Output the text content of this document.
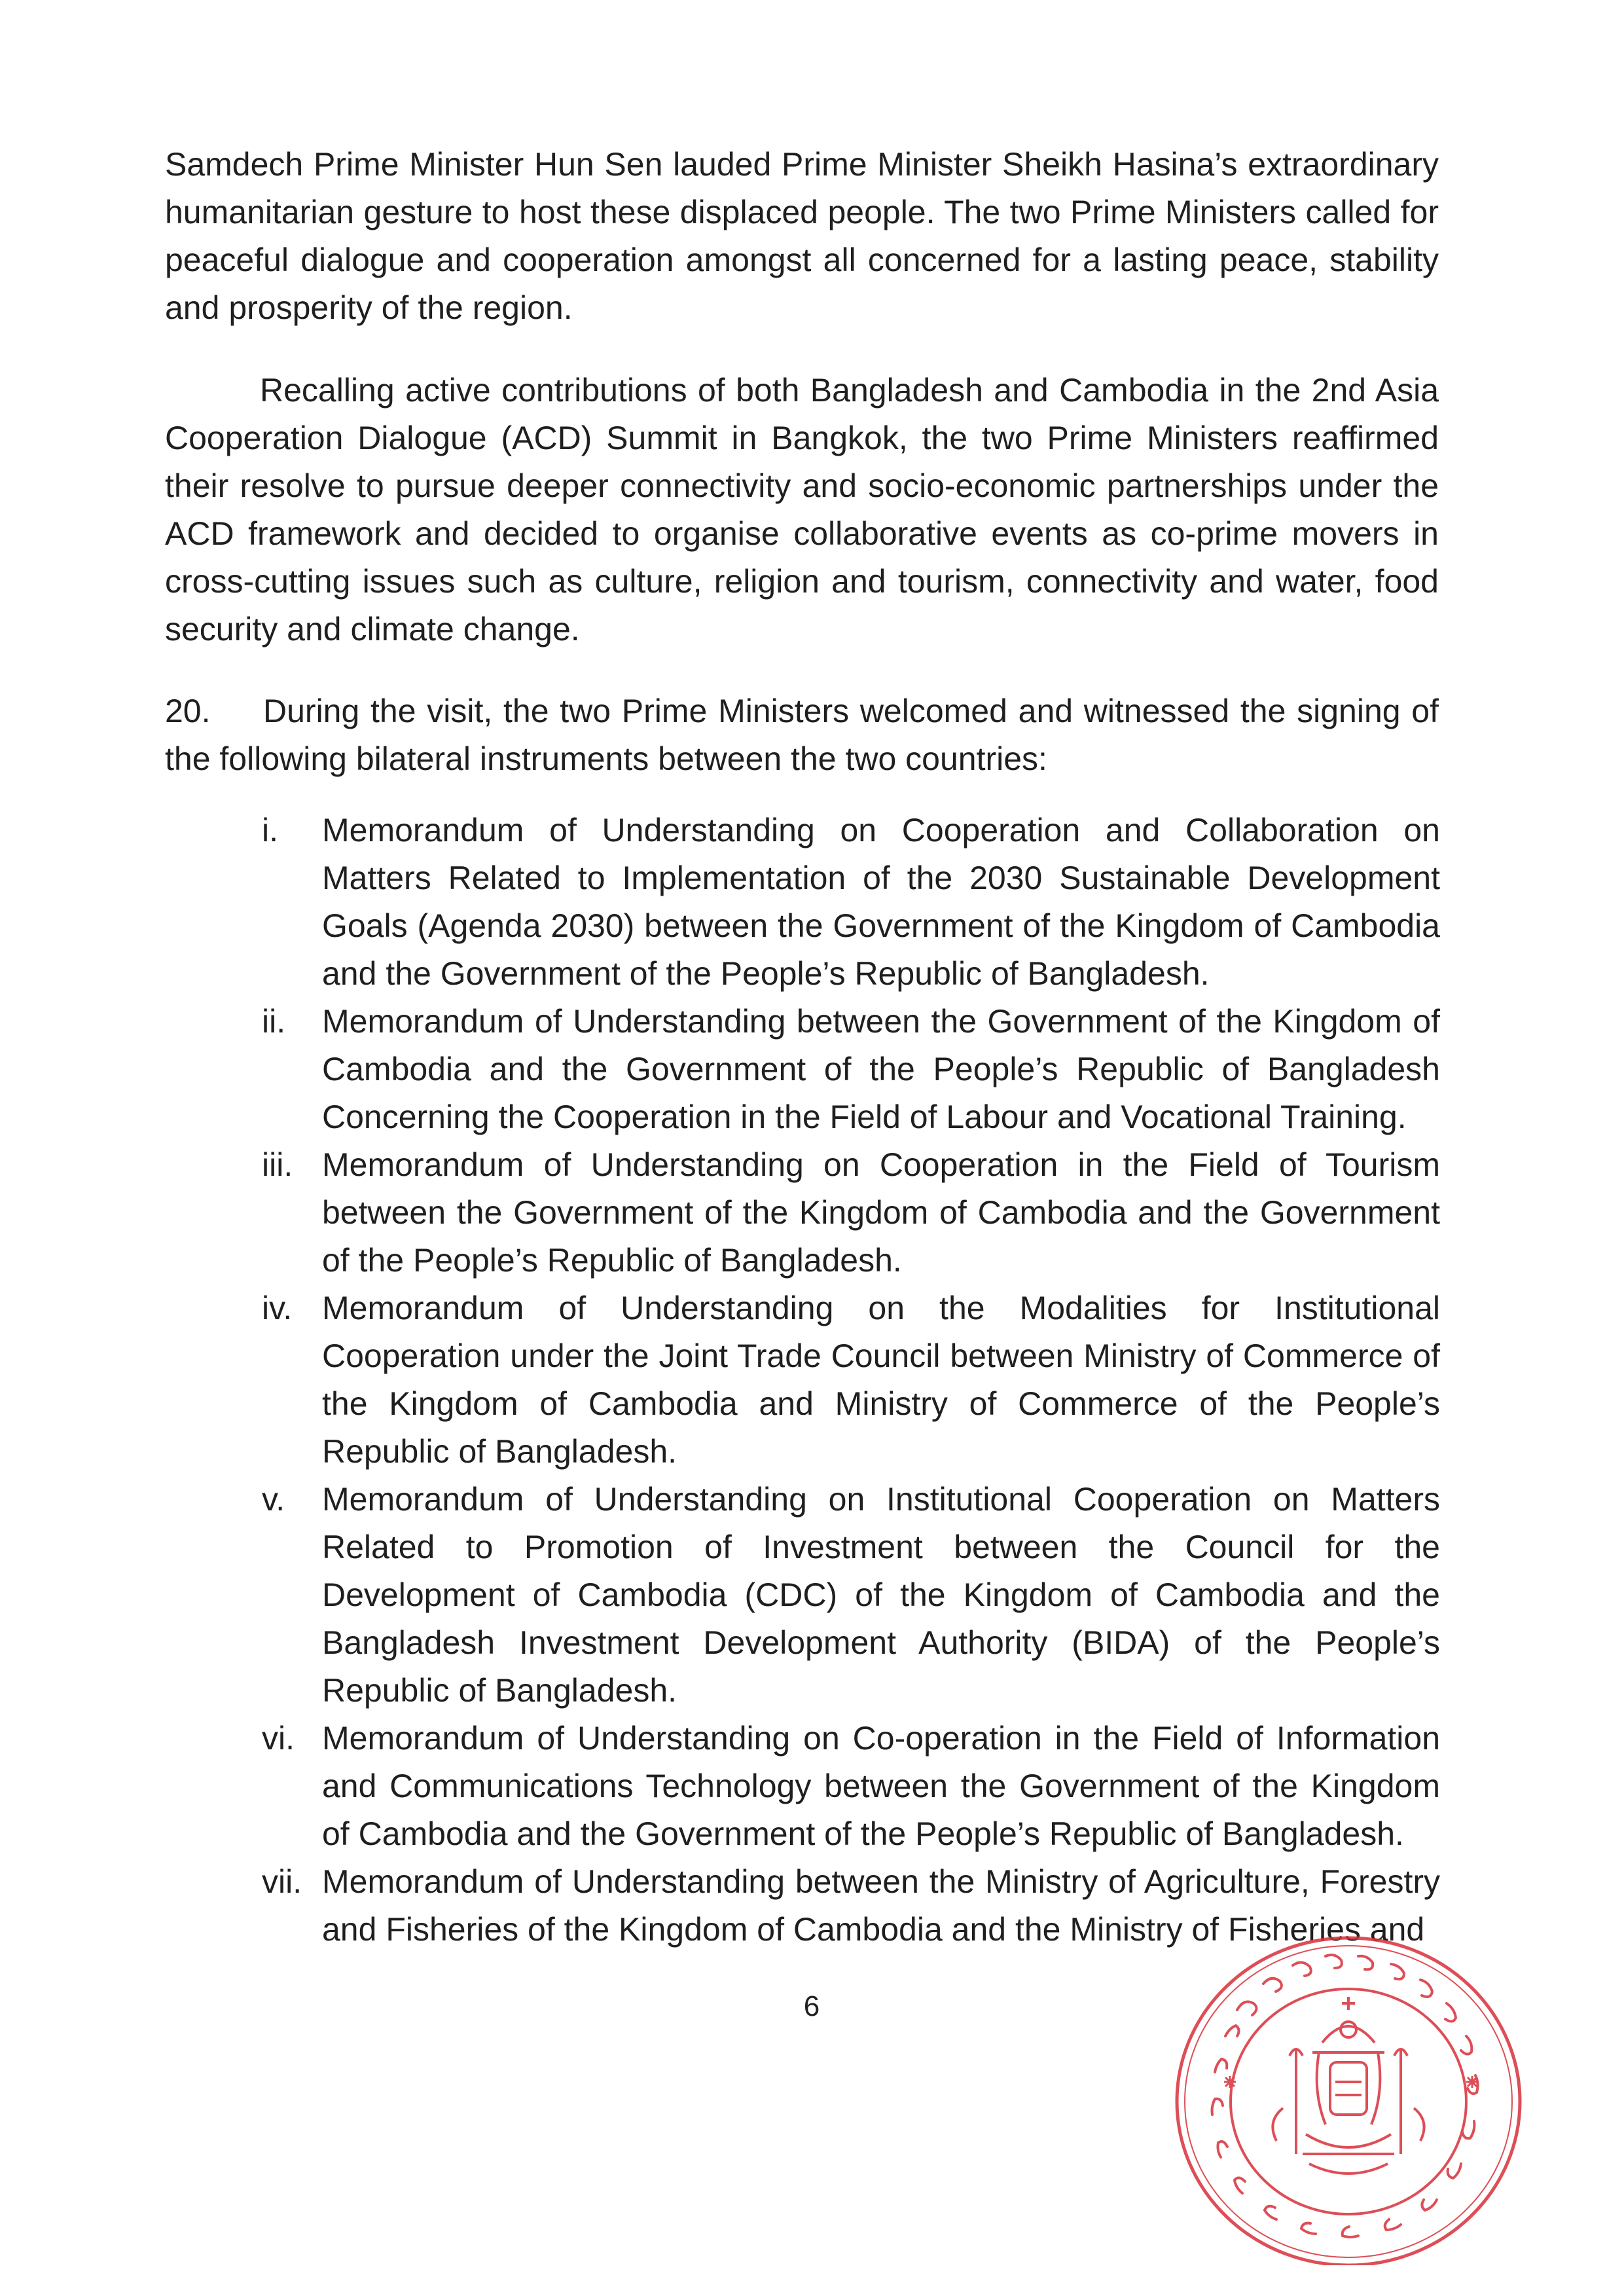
Samdech Prime Minister Hun Sen lauded Prime Minister Sheikh Hasina’s extraordinary humanitarian gesture to host these displaced people. The two Prime Ministers called for peaceful dialogue and cooperation amongst all concerned for a lasting peace, stability and prosperity of the region.

Recalling active contributions of both Bangladesh and Cambodia in the 2nd Asia Cooperation Dialogue (ACD) Summit in Bangkok, the two Prime Ministers reaffirmed their resolve to pursue deeper connectivity and socio-economic partnerships under the ACD framework and decided to organise collaborative events as co-prime movers in cross-cutting issues such as culture, religion and tourism, connectivity and water, food security and climate change.

20. During the visit, the two Prime Ministers welcomed and witnessed the signing of the following bilateral instruments between the two countries:

i.	Memorandum of Understanding on Cooperation and Collaboration on Matters Related to Implementation of the 2030 Sustainable Development Goals (Agenda 2030) between the Government of the Kingdom of Cambodia and the Government of the People’s Republic of Bangladesh.
ii.	Memorandum of Understanding between the Government of the Kingdom of Cambodia and the Government of the People’s Republic of Bangladesh Concerning the Cooperation in the Field of Labour and Vocational Training.
iii. Memorandum of Understanding on Cooperation in the Field of Tourism between the Government of the Kingdom of Cambodia and the Government of the People’s Republic of Bangladesh.
iv. Memorandum of Understanding on the Modalities for Institutional Cooperation under the Joint Trade Council between Ministry of Commerce of the Kingdom of Cambodia and Ministry of Commerce of the People’s Republic of Bangladesh.
v.	Memorandum of Understanding on Institutional Cooperation on Matters Related to Promotion of Investment between the Council for the Development of Cambodia (CDC) of the Kingdom of Cambodia and the Bangladesh Investment Development Authority (BIDA) of the People’s Republic of Bangladesh.
vi. Memorandum of Understanding on Co-operation in the Field of Information and Communications Technology between the Government of the Kingdom of Cambodia and the Government of the People’s Republic of Bangladesh.
vii. Memorandum of Understanding between the Ministry of Agriculture, Forestry and Fisheries of the Kingdom of Cambodia and the Ministry of Fisheries and
6
